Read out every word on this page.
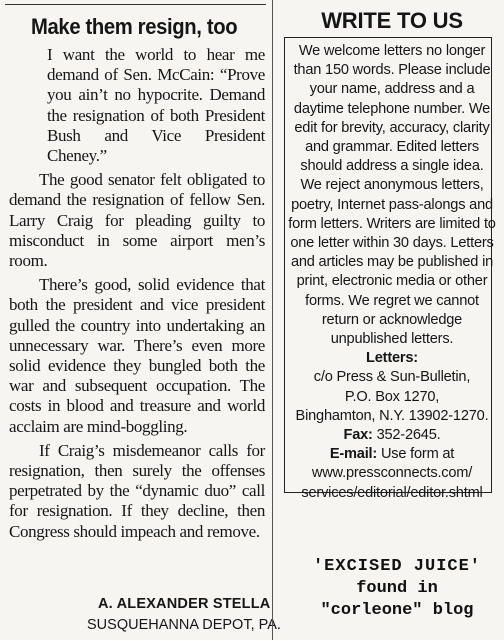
Make them resign, too

I want the world to hear me demand of Sen. McCain: “Prove you ain’t no hypocrite. Demand the resignation of both President Bush and Vice President Cheney.”

The good senator felt obligated to demand the resignation of fellow Sen. Larry Craig for pleading guilty to misconduct in some airport men’s room.

There’s good, solid evidence that both the president and vice president gulled the country into undertaking an unnecessary war. There’s even more solid evidence they bungled both the war and subsequent occupation. The costs in blood and treasure and world acclaim are mind-boggling.

If Craig’s misdemeanor calls for resignation, then surely the offenses perpetrated by the “dynamic duo” call for resignation. If they decline, then Congress should impeach and remove.

A. ALEXANDER STELLA
SUSQUEHANNA DEPOT, PA.
WRITE TO US
We welcome letters no longer than 150 words. Please include your name, address and a daytime telephone number. We edit for brevity, accuracy, clarity and grammar. Edited letters should address a single idea. We reject anonymous letters, poetry, Internet pass-alongs and form letters. Writers are limited to one letter within 30 days. Letters and articles may be published in print, electronic media or other forms. We regret we cannot return or acknowledge unpublished letters.
Letters:
c/o Press & Sun-Bulletin,
P.O. Box 1270,
Binghamton, N.Y. 13902-1270.
Fax: 352-2645.
E-mail: Use form at
www.pressconnects.com/
services/editorial/editor.shtml
'EXCISED JUICE'
found in
"corleone" blog
